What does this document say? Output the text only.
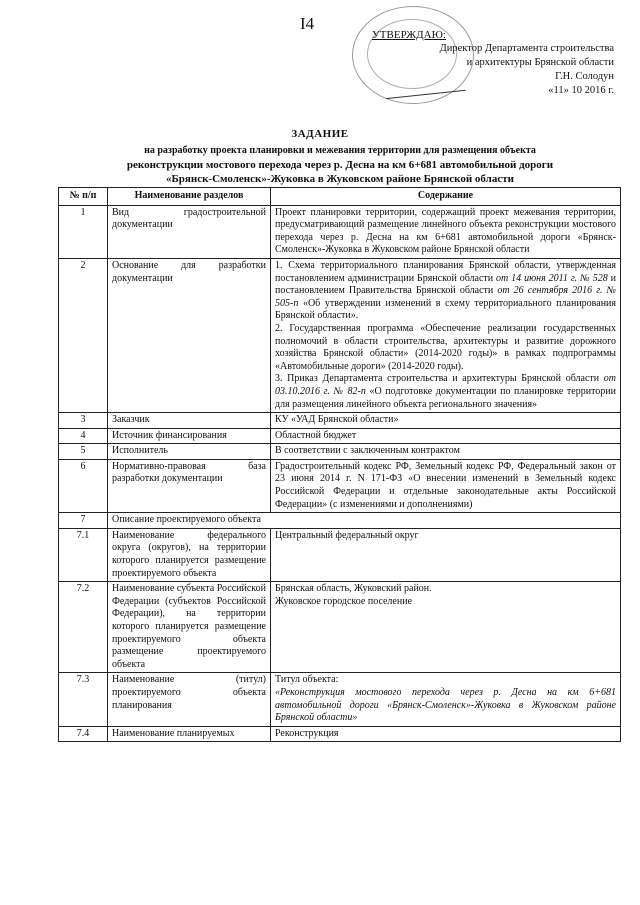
I4
УТВЕРЖДАЮ:
Директор Департамента строительства
и архитектуры Брянской области
Г.Н. Солодун
«11» 10 2016 г.
ЗАДАНИЕ
на разработку проекта планировки и межевания территории для размещения объекта
реконструкции мостового перехода через р. Десна на км 6+681 автомобильной дороги
«Брянск-Смоленск»-Жуковка в Жуковском районе Брянской области
№ п/п	Наименование разделов	Содержание
1	Вид градостроительной документации	Проект планировки территории, содержащий проект межевания территории, предусматривающий размещение линейного объекта реконструкции мостового перехода через р. Десна на км 6+681 автомобильной дороги «Брянск-Смоленск»-Жуковка в Жуковском районе Брянской области
2	Основание для разработки документации	1. Схема территориального планирования Брянской области, утвержденная постановлением администрации Брянской области от 14 июня 2011 г. № 528 и постановлением Правительства Брянской области от 26 сентября 2016 г. № 505-п «Об утверждении изменений в схему территориального планирования Брянской области».
2. Государственная программа «Обеспечение реализации государственных полномочий в области строительства, архитектуры и развитие дорожного хозяйства Брянской области» (2014-2020 годы)» в рамках подпрограммы «Автомобильные дороги» (2014-2020 годы).
3. Приказ Департамента строительства и архитектуры Брянской области от 03.10.2016 г. № 82-п «О подготовке документации по планировке территории для размещения линейного объекта регионального значения»

3	Заказчик	КУ «УАД Брянской области»
4	Источник финансирования	Областной бюджет
5	Исполнитель	В соответствии с заключенным контрактом
6	Нормативно-правовая база разработки документации	Градостроительный кодекс РФ, Земельный кодекс РФ, Федеральный закон от 23 июня 2014 г. N 171-ФЗ «О внесении изменений в Земельный кодекс Российской Федерации и отдельные законодательные акты Российской Федерации» (с изменениями и дополнениями)
7	Описание проектируемого объекта	
7.1	Наименование федерального округа (округов), на территории которого планируется размещение проектируемого объекта	Центральный федеральный округ
7.2	Наименование субъекта Российской Федерации (субъектов Российской Федерации), на территории которого планируется размещение проектируемого объекта размещение проектируемого объекта	Брянская область, Жуковский район.
Жуковское городское поселение

7.3	Наименование (титул) проектируемого объекта планирования	Титул объекта:
«Реконструкция мостового перехода через р. Десна на км 6+681 автомобильной дороги «Брянск-Смоленск»-Жуковка в Жуковском районе Брянской области»

7.4	Наименование планируемых	Реконструкция
